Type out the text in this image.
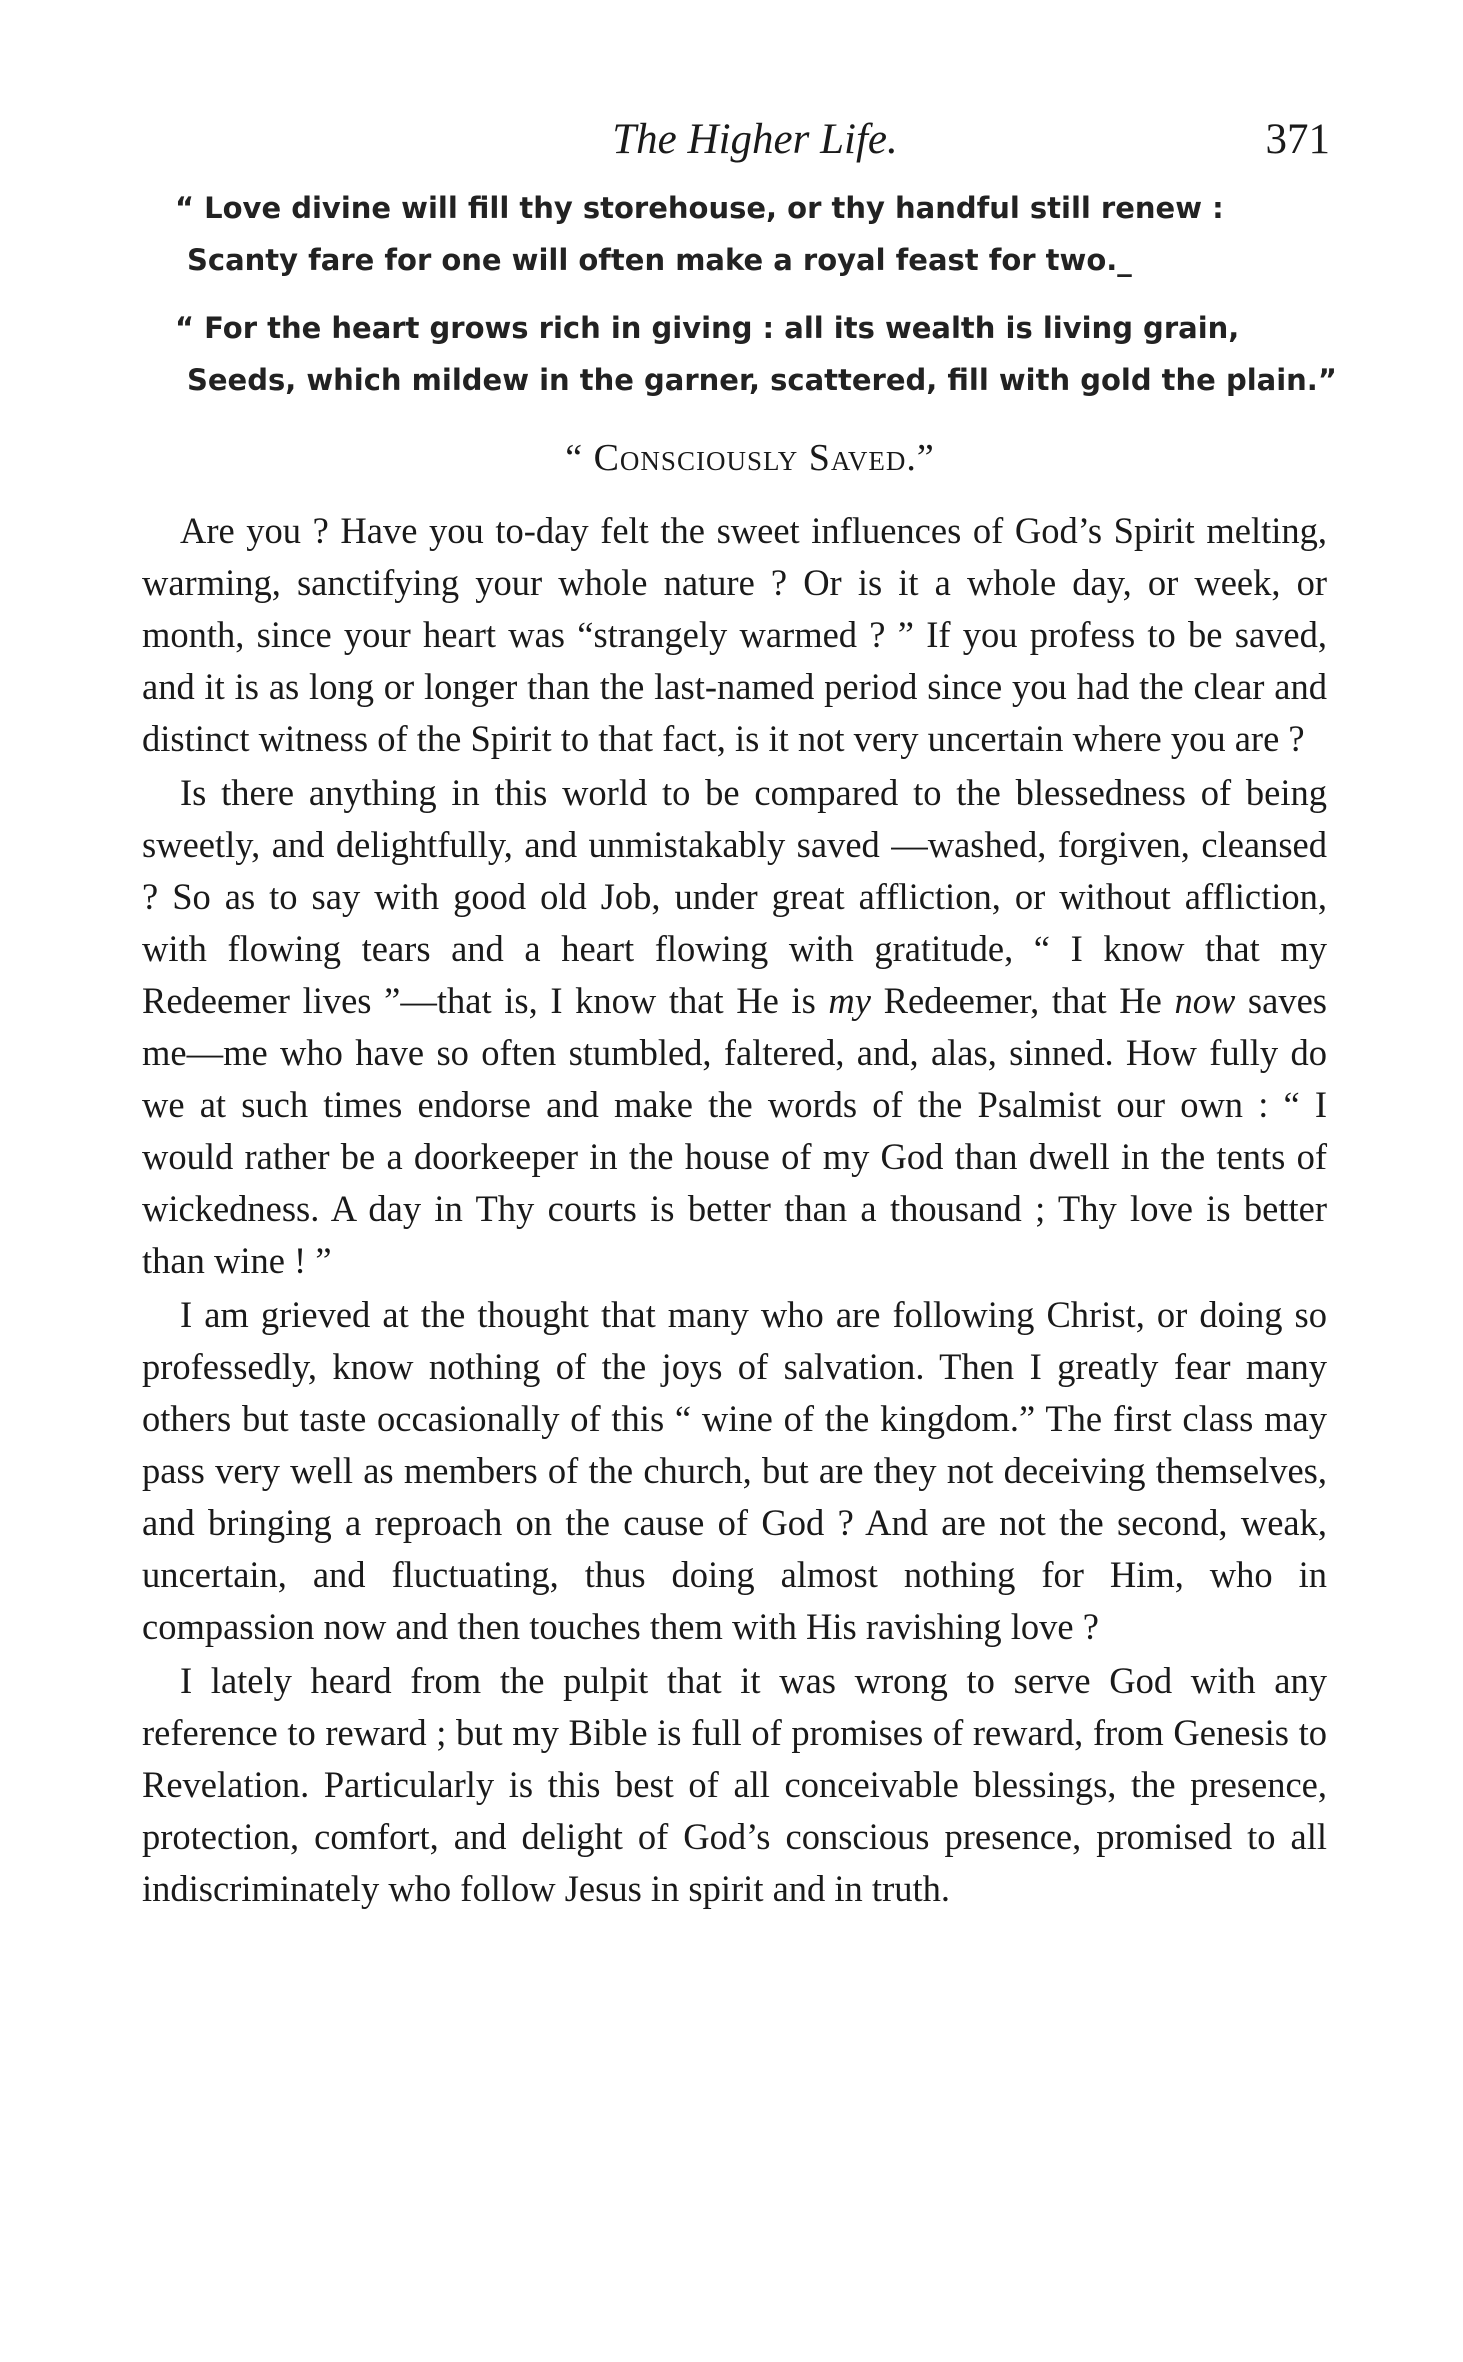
The Higher Life.	371
“ Love divine will fill thy storehouse, or thy handful still renew :
Scanty fare for one will often make a royal feast for two._
“ For the heart grows rich in giving : all its wealth is living grain,
Seeds, which mildew in the garner, scattered, fill with gold the plain.”
“ Consciously Saved.”

Are you ? Have you to-day felt the sweet influences of God’s Spirit melting, warming, sanctifying your whole nature ? Or is it a whole day, or week, or month, since your heart was “strangely warmed ? ” If you profess to be saved, and it is as long or longer than the last-named period since you had the clear and distinct witness of the Spirit to that fact, is it not very uncertain where you are ?

Is there anything in this world to be compared to the blessedness of being sweetly, and delightfully, and unmistakably saved —washed, forgiven, cleansed ? So as to say with good old Job, under great affliction, or without affliction, with flowing tears and a heart flowing with gratitude, “ I know that my Redeemer lives ”—that is, I know that He is my Redeemer, that He now saves me—me who have so often stumbled, faltered, and, alas, sinned. How fully do we at such times endorse and make the words of the Psalmist our own : “ I would rather be a doorkeeper in the house of my God than dwell in the tents of wickedness. A day in Thy courts is better than a thousand ; Thy love is better than wine ! ”

I am grieved at the thought that many who are following Christ, or doing so professedly, know nothing of the joys of salvation. Then I greatly fear many others but taste occasionally of this “ wine of the kingdom.” The first class may pass very well as members of the church, but are they not deceiving themselves, and bringing a reproach on the cause of God ? And are not the second, weak, uncertain, and fluctuating, thus doing almost nothing for Him, who in compassion now and then touches them with His ravishing love ?

I lately heard from the pulpit that it was wrong to serve God with any reference to reward ; but my Bible is full of promises of reward, from Genesis to Revelation. Particularly is this best of all conceivable blessings, the presence, protection, comfort, and delight of God’s conscious presence, promised to all indiscriminately who follow Jesus in spirit and in truth.
